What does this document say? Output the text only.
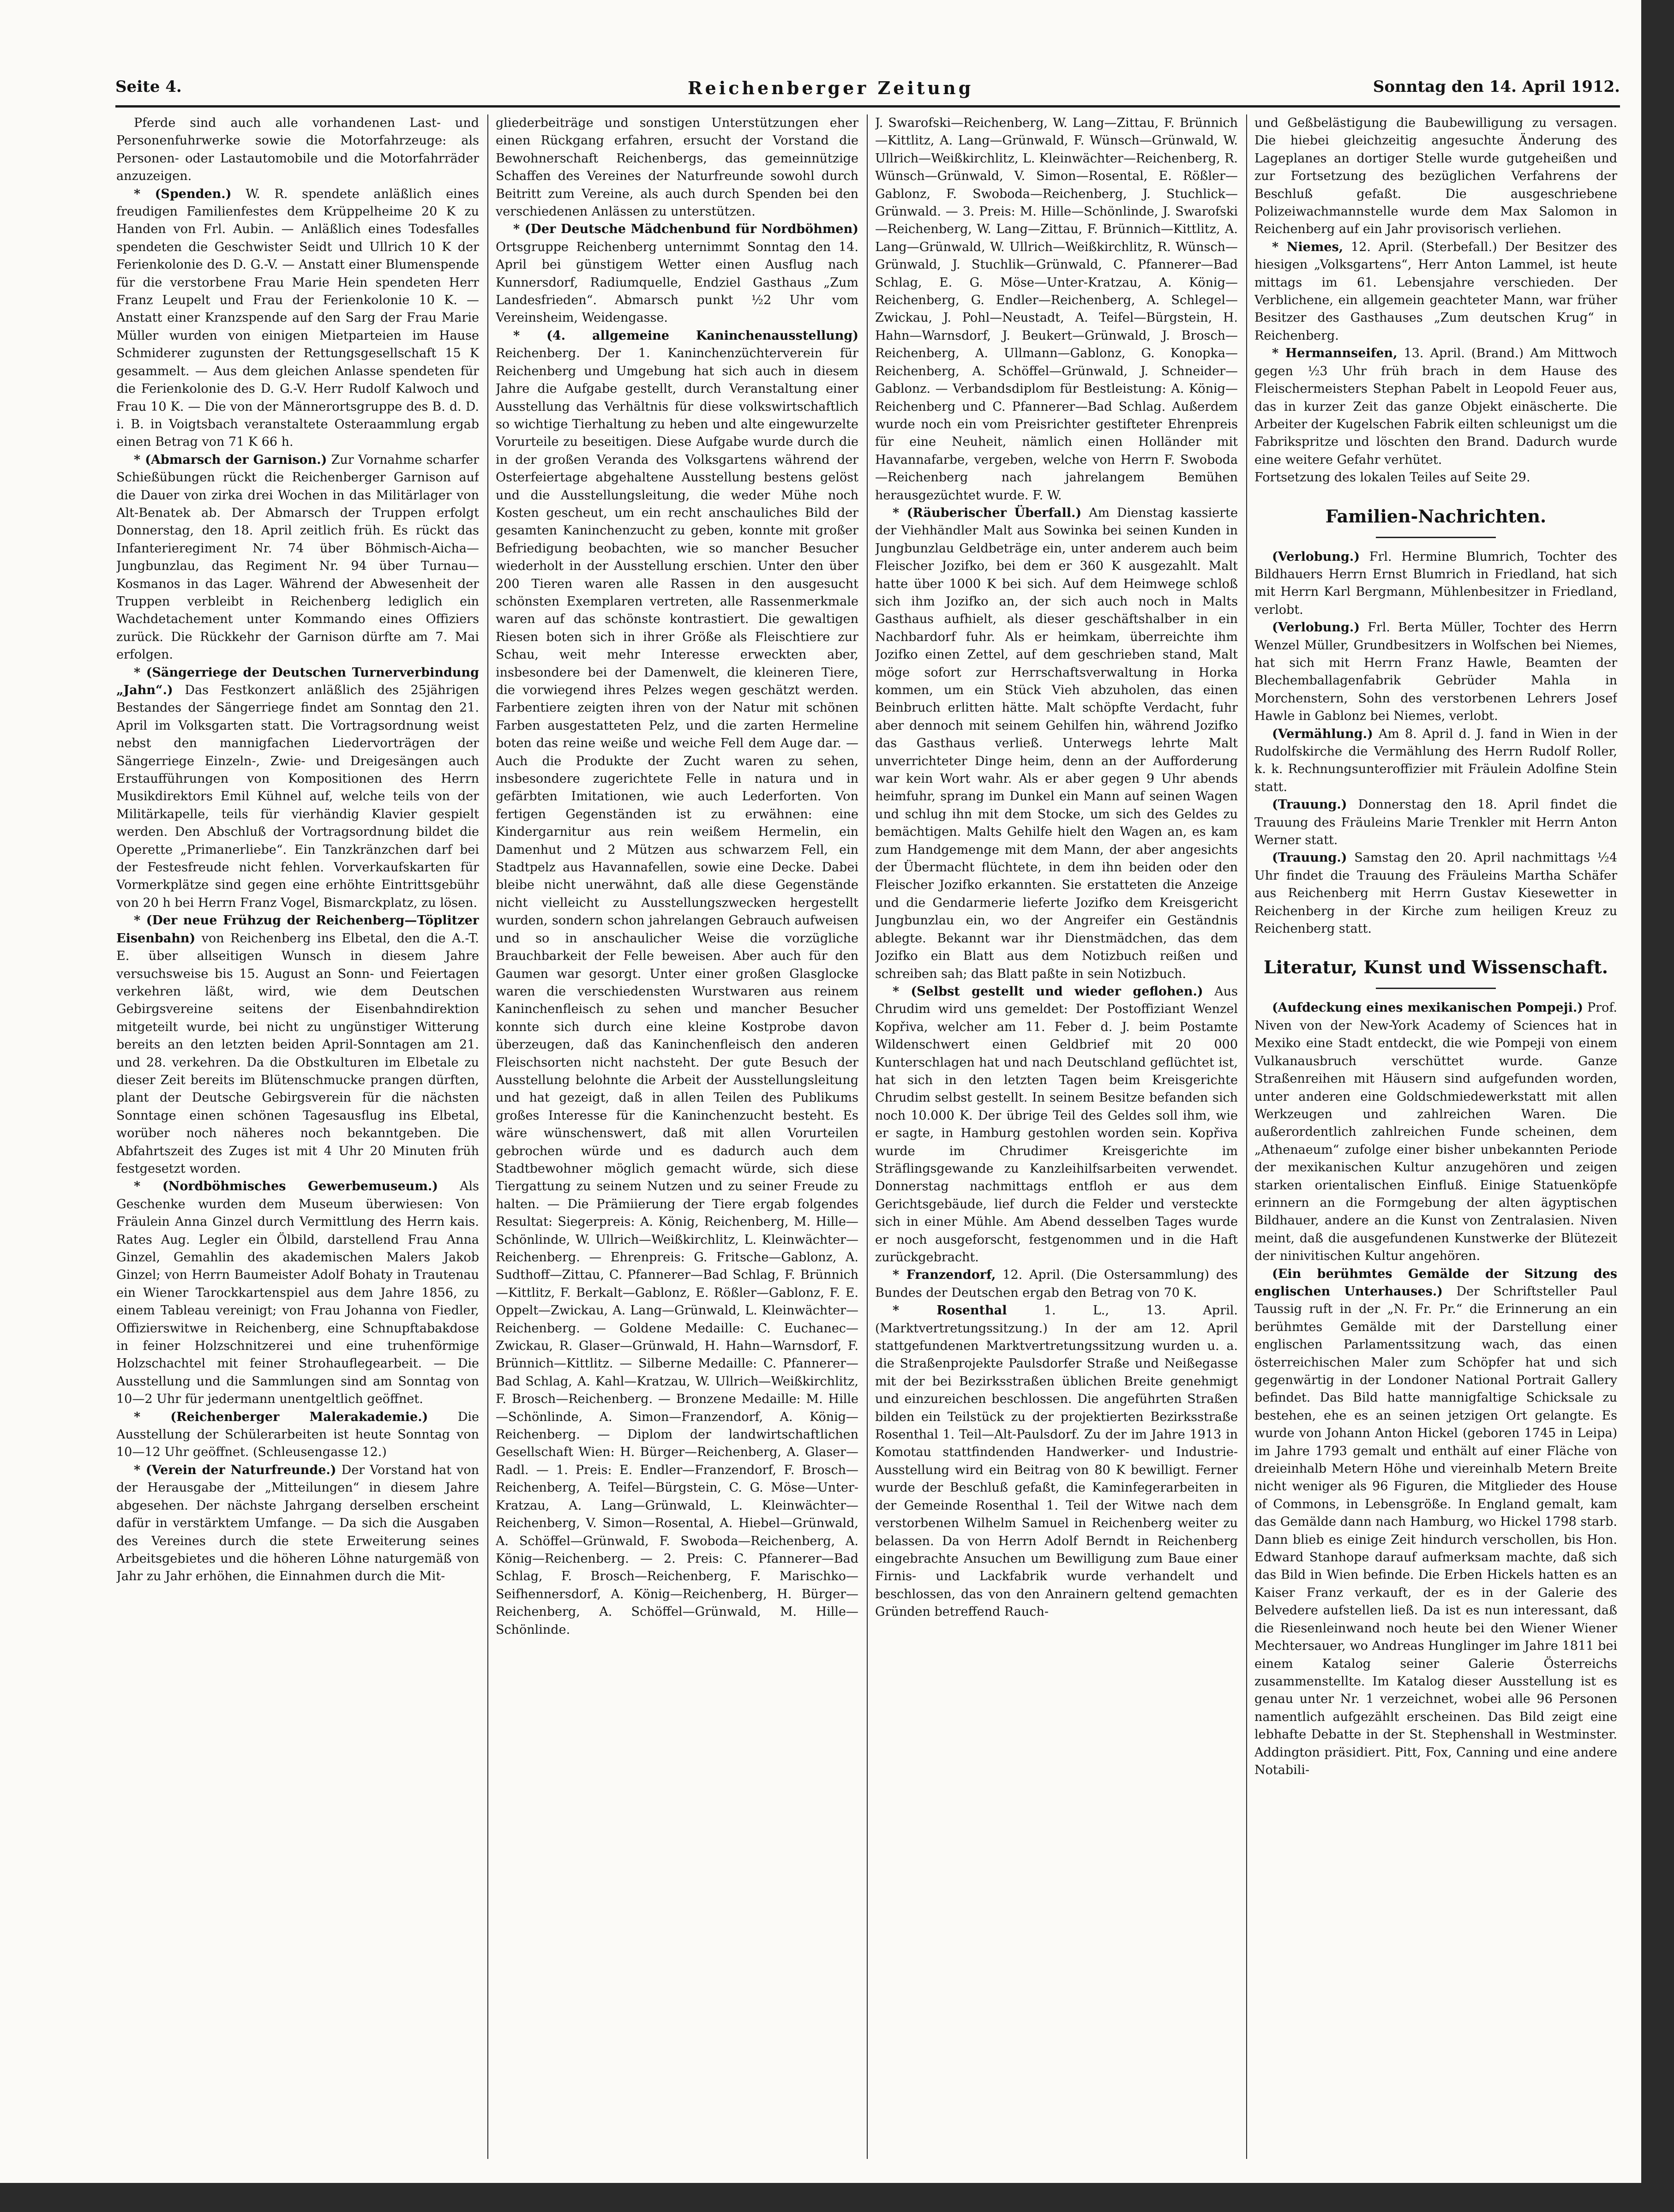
Seite 4.	Reichenberger Zeitung	Sonntag den 14. April 1912.

Pferde sind auch alle vorhandenen Last- und Personenfuhrwerke sowie die Motorfahrzeuge: als Personen- oder Lastautomobile und die Motorfahrräder anzuzeigen.

* (Spenden.) W. R. spendete anläßlich eines freudigen Familienfestes dem Krüppelheime 20 K zu Handen von Frl. Aubin. — Anläßlich eines Todesfalles spendeten die Geschwister Seidt und Ullrich 10 K der Ferienkolonie des D. G.-V. — Anstatt einer Blumenspende für die verstorbene Frau Marie Hein spendeten Herr Franz Leupelt und Frau der Ferienkolonie 10 K. — Anstatt einer Kranzspende auf den Sarg der Frau Marie Müller wurden von einigen Mietparteien im Hause Schmiderer zugunsten der Rettungsgesellschaft 15 K gesammelt. — Aus dem gleichen Anlasse spendeten für die Ferienkolonie des D. G.-V. Herr Rudolf Kalwoch und Frau 10 K. — Die von der Männerortsgruppe des B. d. D. i. B. in Voigtsbach veranstaltete Osteraammlung ergab einen Betrag von 71 K 66 h.

* (Abmarsch der Garnison.) Zur Vornahme scharfer Schießübungen rückt die Reichenberger Garnison auf die Dauer von zirka drei Wochen in das Militärlager von Alt-Benatek ab. Der Abmarsch der Truppen erfolgt Donnerstag, den 18. April zeitlich früh. Es rückt das Infanterieregiment Nr. 74 über Böhmisch-Aicha—Jungbunzlau, das Regiment Nr. 94 über Turnau—Kosmanos in das Lager. Während der Abwesenheit der Truppen verbleibt in Reichenberg lediglich ein Wachdetachement unter Kommando eines Offiziers zurück. Die Rückkehr der Garnison dürfte am 7. Mai erfolgen.

* (Sängerriege der Deutschen Turnerverbindung „Jahn“.) Das Festkonzert anläßlich des 25jährigen Bestandes der Sängerriege findet am Sonntag den 21. April im Volksgarten statt. Die Vortragsordnung weist nebst den mannigfachen Liedervorträgen der Sängerriege Einzeln-, Zwie- und Dreigesängen auch Erstaufführungen von Kompositionen des Herrn Musikdirektors Emil Kühnel auf, welche teils von der Militärkapelle, teils für vierhändig Klavier gespielt werden. Den Abschluß der Vortragsordnung bildet die Operette „Primanerliebe“. Ein Tanzkränzchen darf bei der Festesfreude nicht fehlen. Vorverkaufskarten für Vormerkplätze sind gegen eine erhöhte Eintrittsgebühr von 20 h bei Herrn Franz Vogel, Bismarckplatz, zu lösen.

* (Der neue Frühzug der Reichenberg—Töplitzer Eisenbahn) von Reichenberg ins Elbetal, den die A.-T. E. über allseitigen Wunsch in diesem Jahre versuchsweise bis 15. August an Sonn- und Feiertagen verkehren läßt, wird, wie dem Deutschen Gebirgsvereine seitens der Eisenbahndirektion mitgeteilt wurde, bei nicht zu ungünstiger Witterung bereits an den letzten beiden April-Sonntagen am 21. und 28. verkehren. Da die Obstkulturen im Elbetale zu dieser Zeit bereits im Blütenschmucke prangen dürften, plant der Deutsche Gebirgsverein für die nächsten Sonntage einen schönen Tagesausflug ins Elbetal, worüber noch näheres noch bekanntgeben. Die Abfahrtszeit des Zuges ist mit 4 Uhr 20 Minuten früh festgesetzt worden.

* (Nordböhmisches Gewerbemuseum.) Als Geschenke wurden dem Museum überwiesen: Von Fräulein Anna Ginzel durch Vermittlung des Herrn kais. Rates Aug. Legler ein Ölbild, darstellend Frau Anna Ginzel, Gemahlin des akademischen Malers Jakob Ginzel; von Herrn Baumeister Adolf Bohaty in Trautenau ein Wiener Tarockkartenspiel aus dem Jahre 1856, zu einem Tableau vereinigt; von Frau Johanna von Fiedler, Offizierswitwe in Reichenberg, eine Schnupftabakdose in feiner Holzschnitzerei und eine truhenförmige Holzschachtel mit feiner Strohauflegearbeit. — Die Ausstellung und die Sammlungen sind am Sonntag von 10—2 Uhr für jedermann unentgeltlich geöffnet.

* (Reichenberger Malerakademie.) Die Ausstellung der Schülerarbeiten ist heute Sonntag von 10—12 Uhr geöffnet. (Schleusengasse 12.)

* (Verein der Naturfreunde.) Der Vorstand hat von der Herausgabe der „Mitteilungen“ in diesem Jahre abgesehen. Der nächste Jahrgang derselben erscheint dafür in verstärktem Umfange. — Da sich die Ausgaben des Vereines durch die stete Erweiterung seines Arbeitsgebietes und die höheren Löhne naturgemäß von Jahr zu Jahr erhöhen, die Einnahmen durch die Mit-

gliederbeiträge und sonstigen Unterstützungen eher einen Rückgang erfahren, ersucht der Vorstand die Bewohnerschaft Reichenbergs, das gemeinnützige Schaffen des Vereines der Naturfreunde sowohl durch Beitritt zum Vereine, als auch durch Spenden bei den verschiedenen Anlässen zu unterstützen.

* (Der Deutsche Mädchenbund für Nordböhmen) Ortsgruppe Reichenberg unternimmt Sonntag den 14. April bei günstigem Wetter einen Ausflug nach Kunnersdorf, Radiumquelle, Endziel Gasthaus „Zum Landesfrieden“. Abmarsch punkt ½2 Uhr vom Vereinsheim, Weidengasse.

* (4. allgemeine Kaninchenausstellung) Reichenberg. Der 1. Kaninchenzüchterverein für Reichenberg und Umgebung hat sich auch in diesem Jahre die Aufgabe gestellt, durch Veranstaltung einer Ausstellung das Verhältnis für diese volkswirtschaftlich so wichtige Tierhaltung zu heben und alte eingewurzelte Vorurteile zu beseitigen. Diese Aufgabe wurde durch die in der großen Veranda des Volksgartens während der Osterfeiertage abgehaltene Ausstellung bestens gelöst und die Ausstellungsleitung, die weder Mühe noch Kosten gescheut, um ein recht anschauliches Bild der gesamten Kaninchenzucht zu geben, konnte mit großer Befriedigung beobachten, wie so mancher Besucher wiederholt in der Ausstellung erschien. Unter den über 200 Tieren waren alle Rassen in den ausgesucht schönsten Exemplaren vertreten, alle Rassenmerkmale waren auf das schönste kontrastiert. Die gewaltigen Riesen boten sich in ihrer Größe als Fleischtiere zur Schau, weit mehr Interesse erweckten aber, insbesondere bei der Damenwelt, die kleineren Tiere, die vorwiegend ihres Pelzes wegen geschätzt werden. Farbentiere zeigten ihren von der Natur mit schönen Farben ausgestatteten Pelz, und die zarten Hermeline boten das reine weiße und weiche Fell dem Auge dar. — Auch die Produkte der Zucht waren zu sehen, insbesondere zugerichtete Felle in natura und in gefärbten Imitationen, wie auch Lederforten. Von fertigen Gegenständen ist zu erwähnen: eine Kindergarnitur aus rein weißem Hermelin, ein Damenhut und 2 Mützen aus schwarzem Fell, ein Stadtpelz aus Havannafellen, sowie eine Decke. Dabei bleibe nicht unerwähnt, daß alle diese Gegenstände nicht vielleicht zu Ausstellungszwecken hergestellt wurden, sondern schon jahrelangen Gebrauch aufweisen und so in anschaulicher Weise die vorzügliche Brauchbarkeit der Felle beweisen. Aber auch für den Gaumen war gesorgt. Unter einer großen Glasglocke waren die verschiedensten Wurstwaren aus reinem Kaninchenfleisch zu sehen und mancher Besucher konnte sich durch eine kleine Kostprobe davon überzeugen, daß das Kaninchenfleisch den anderen Fleischsorten nicht nachsteht. Der gute Besuch der Ausstellung belohnte die Arbeit der Ausstellungsleitung und hat gezeigt, daß in allen Teilen des Publikums großes Interesse für die Kaninchenzucht besteht. Es wäre wünschenswert, daß mit allen Vorurteilen gebrochen würde und es dadurch auch dem Stadtbewohner möglich gemacht würde, sich diese Tiergattung zu seinem Nutzen und zu seiner Freude zu halten. — Die Prämiierung der Tiere ergab folgendes Resultat: Siegerpreis: A. König, Reichenberg, M. Hille—Schönlinde, W. Ullrich—Weißkirchlitz, L. Kleinwächter—Reichenberg. — Ehrenpreis: G. Fritsche—Gablonz, A. Sudthoff—Zittau, C. Pfannerer—Bad Schlag, F. Brünnich—Kittlitz, F. Berkalt—Gablonz, E. Rößler—Gablonz, F. E. Oppelt—Zwickau, A. Lang—Grünwald, L. Kleinwächter—Reichenberg. — Goldene Medaille: C. Euchanec—Zwickau, R. Glaser—Grünwald, H. Hahn—Warnsdorf, F. Brünnich—Kittlitz. — Silberne Medaille: C. Pfannerer—Bad Schlag, A. Kahl—Kratzau, W. Ullrich—Weißkirchlitz, F. Brosch—Reichenberg. — Bronzene Medaille: M. Hille—Schönlinde, A. Simon—Franzendorf, A. König—Reichenberg. — Diplom der landwirtschaftlichen Gesellschaft Wien: H. Bürger—Reichenberg, A. Glaser—Radl. — 1. Preis: E. Endler—Franzendorf, F. Brosch—Reichenberg, A. Teifel—Bürgstein, C. G. Möse—Unter-Kratzau, A. Lang—Grünwald, L. Kleinwächter—Reichenberg, V. Simon—Rosental, A. Hiebel—Grünwald, A. Schöffel—Grünwald, F. Swoboda—Reichenberg, A. König—Reichenberg. — 2. Preis: C. Pfannerer—Bad Schlag, F. Brosch—Reichenberg, F. Marischko—Seifhennersdorf, A. König—Reichenberg, H. Bürger—Reichenberg, A. Schöffel—Grünwald, M. Hille—Schönlinde.

J. Swarofski—Reichenberg, W. Lang—Zittau, F. Brünnich—Kittlitz, A. Lang—Grünwald, F. Wünsch—Grünwald, W. Ullrich—Weißkirchlitz, L. Kleinwächter—Reichenberg, R. Wünsch—Grünwald, V. Simon—Rosental, E. Rößler—Gablonz, F. Swoboda—Reichenberg, J. Stuchlick—Grünwald. — 3. Preis: M. Hille—Schönlinde, J. Swarofski—Reichenberg, W. Lang—Zittau, F. Brünnich—Kittlitz, A. Lang—Grünwald, W. Ullrich—Weißkirchlitz, R. Wünsch—Grünwald, J. Stuchlik—Grünwald, C. Pfannerer—Bad Schlag, E. G. Möse—Unter-Kratzau, A. König—Reichenberg, G. Endler—Reichenberg, A. Schlegel—Zwickau, J. Pohl—Neustadt, A. Teifel—Bürgstein, H. Hahn—Warnsdorf, J. Beukert—Grünwald, J. Brosch—Reichenberg, A. Ullmann—Gablonz, G. Konopka—Reichenberg, A. Schöffel—Grünwald, J. Schneider—Gablonz. — Verbandsdiplom für Bestleistung: A. König—Reichenberg und C. Pfannerer—Bad Schlag. Außerdem wurde noch ein vom Preisrichter gestifteter Ehrenpreis für eine Neuheit, nämlich einen Holländer mit Havannafarbe, vergeben, welche von Herrn F. Swoboda—Reichenberg nach jahrelangem Bemühen herausgezüchtet wurde. F. W.

* (Räuberischer Überfall.) Am Dienstag kassierte der Viehhändler Malt aus Sowinka bei seinen Kunden in Jungbunzlau Geldbeträge ein, unter anderem auch beim Fleischer Jozifko, bei dem er 360 K ausgezahlt. Malt hatte über 1000 K bei sich. Auf dem Heimwege schloß sich ihm Jozifko an, der sich auch noch in Malts Gasthaus aufhielt, als dieser geschäftshalber in ein Nachbardorf fuhr. Als er heimkam, überreichte ihm Jozifko einen Zettel, auf dem geschrieben stand, Malt möge sofort zur Herrschaftsverwaltung in Horka kommen, um ein Stück Vieh abzuholen, das einen Beinbruch erlitten hätte. Malt schöpfte Verdacht, fuhr aber dennoch mit seinem Gehilfen hin, während Jozifko das Gasthaus verließ. Unterwegs lehrte Malt unverrichteter Dinge heim, denn an der Aufforderung war kein Wort wahr. Als er aber gegen 9 Uhr abends heimfuhr, sprang im Dunkel ein Mann auf seinen Wagen und schlug ihn mit dem Stocke, um sich des Geldes zu bemächtigen. Malts Gehilfe hielt den Wagen an, es kam zum Handgemenge mit dem Mann, der aber angesichts der Übermacht flüchtete, in dem ihn beiden oder den Fleischer Jozifko erkannten. Sie erstatteten die Anzeige und die Gendarmerie lieferte Jozifko dem Kreisgericht Jungbunzlau ein, wo der Angreifer ein Geständnis ablegte. Bekannt war ihr Dienstmädchen, das dem Jozifko ein Blatt aus dem Notizbuch reißen und schreiben sah; das Blatt paßte in sein Notizbuch.

* (Selbst gestellt und wieder geflohen.) Aus Chrudim wird uns gemeldet: Der Postoffiziant Wenzel Kopřiva, welcher am 11. Feber d. J. beim Postamte Wildenschwert einen Geldbrief mit 20 000 Kunterschlagen hat und nach Deutschland geflüchtet ist, hat sich in den letzten Tagen beim Kreisgerichte Chrudim selbst gestellt. In seinem Besitze befanden sich noch 10.000 K. Der übrige Teil des Geldes soll ihm, wie er sagte, in Hamburg gestohlen worden sein. Kopřiva wurde im Chrudimer Kreisgerichte im Sträflingsgewande zu Kanzleihilfsarbeiten verwendet. Donnerstag nachmittags entfloh er aus dem Gerichtsgebäude, lief durch die Felder und versteckte sich in einer Mühle. Am Abend desselben Tages wurde er noch ausgeforscht, festgenommen und in die Haft zurückgebracht.

* Franzendorf, 12. April. (Die Ostersammlung) des Bundes der Deutschen ergab den Betrag von 70 K.

* Rosenthal	1. L., 13. April. (Marktvertretungssitzung.) In der am 12. April stattgefundenen Marktvertretungssitzung wurden u. a. die Straßenprojekte Paulsdorfer Straße und Neißegasse mit der bei Bezirksstraßen üblichen Breite genehmigt und einzureichen beschlossen. Die angeführten Straßen bilden ein Teilstück zu der projektierten Bezirksstraße Rosenthal 1. Teil—Alt-Paulsdorf. Zu der im Jahre 1913 in Komotau stattfindenden Handwerker- und Industrie-Ausstellung wird ein Beitrag von 80 K bewilligt. Ferner wurde der Beschluß gefaßt, die Kaminfegerarbeiten in der Gemeinde Rosenthal 1. Teil der Witwe nach dem verstorbenen Wilhelm Samuel in Reichenberg weiter zu belassen. Da von Herrn Adolf Berndt in Reichenberg eingebrachte Ansuchen um Bewilligung zum Baue einer Firnis- und Lackfabrik wurde verhandelt und beschlossen, das von den Anrainern geltend gemachten Gründen betreffend Rauch-

und Geßbelästigung die Baubewilligung zu versagen. Die hiebei gleichzeitig angesuchte Änderung des Lageplanes an dortiger Stelle wurde gutgeheißen und zur Fortsetzung des bezüglichen Verfahrens der Beschluß gefaßt. Die ausgeschriebene Polizeiwachmannstelle wurde dem Max Salomon in Reichenberg auf ein Jahr provisorisch verliehen.

* Niemes, 12. April. (Sterbefall.) Der Besitzer des hiesigen „Volksgartens“, Herr Anton Lammel, ist heute mittags im 61. Lebensjahre verschieden. Der Verblichene, ein allgemein geachteter Mann, war früher Besitzer des Gasthauses „Zum deutschen Krug“ in Reichenberg.

* Hermannseifen, 13. April. (Brand.) Am Mittwoch gegen ½3 Uhr früh brach in dem Hause des Fleischermeisters Stephan Pabelt in Leopold Feuer aus, das in kurzer Zeit das ganze Objekt einäscherte. Die Arbeiter der Kugelschen Fabrik eilten schleunigst um die Fabrikspritze und löschten den Brand. Dadurch wurde eine weitere Gefahr verhütet.

Fortsetzung des lokalen Teiles auf Seite 29.

Familien-Nachrichten.

(Verlobung.) Frl. Hermine Blumrich, Tochter des Bildhauers Herrn Ernst Blumrich in Friedland, hat sich mit Herrn Karl Bergmann, Mühlenbesitzer in Friedland, verlobt.

(Verlobung.) Frl. Berta Müller, Tochter des Herrn Wenzel Müller, Grundbesitzers in Wolfschen bei Niemes, hat sich mit Herrn Franz Hawle, Beamten der Blechemballagenfabrik Gebrüder Mahla in Morchenstern, Sohn des verstorbenen Lehrers Josef Hawle in Gablonz bei Niemes, verlobt.

(Vermählung.) Am 8. April d. J. fand in Wien in der Rudolfskirche die Vermählung des Herrn Rudolf Roller, k. k. Rechnungsunteroffizier mit Fräulein Adolfine Stein statt.

(Trauung.) Donnerstag den 18. April findet die Trauung des Fräuleins Marie Trenkler mit Herrn Anton Werner statt.

(Trauung.) Samstag den 20. April nachmittags ½4 Uhr findet die Trauung des Fräuleins Martha Schäfer aus Reichenberg mit Herrn Gustav Kiesewetter in Reichenberg in der Kirche zum heiligen Kreuz zu Reichenberg statt.

Literatur, Kunst und Wissenschaft.

(Aufdeckung eines mexikanischen Pompeji.) Prof. Niven von der New-York Academy of Sciences hat in Mexiko eine Stadt entdeckt, die wie Pompeji von einem Vulkanausbruch verschüttet wurde. Ganze Straßenreihen mit Häusern sind aufgefunden worden, unter anderen eine Goldschmiedewerkstatt mit allen Werkzeugen und zahlreichen Waren. Die außerordentlich zahlreichen Funde scheinen, dem „Athenaeum“ zufolge einer bisher unbekannten Periode der mexikanischen Kultur anzugehören und zeigen starken orientalischen Einfluß. Einige Statuenköpfe erinnern an die Formgebung der alten ägyptischen Bildhauer, andere an die Kunst von Zentralasien. Niven meint, daß die ausgefundenen Kunstwerke der Blütezeit der ninivitischen Kultur angehören.

(Ein berühmtes Gemälde der Sitzung des englischen Unterhauses.) Der Schriftsteller Paul Taussig ruft in der „N. Fr. Pr.“ die Erinnerung an ein berühmtes Gemälde mit der Darstellung einer englischen Parlamentssitzung wach, das einen österreichischen Maler zum Schöpfer hat und sich gegenwärtig in der Londoner National Portrait Gallery befindet. Das Bild hatte mannigfaltige Schicksale zu bestehen, ehe es an seinen jetzigen Ort gelangte. Es wurde von Johann Anton Hickel (geboren 1745 in Leipa) im Jahre 1793 gemalt und enthält auf einer Fläche von dreieinhalb Metern Höhe und viereinhalb Metern Breite nicht weniger als 96 Figuren, die Mitglieder des House of Commons, in Lebensgröße. In England gemalt, kam das Gemälde dann nach Hamburg, wo Hickel 1798 starb. Dann blieb es einige Zeit hindurch verschollen, bis Hon. Edward Stanhope darauf aufmerksam machte, daß sich das Bild in Wien befinde. Die Erben Hickels hatten es an Kaiser Franz verkauft, der es in der Galerie des Belvedere aufstellen ließ. Da ist es nun interessant, daß die Riesenleinwand noch heute bei den Wiener Wiener Mechtersauer, wo Andreas Hunglinger im Jahre 1811 bei einem Katalog seiner Galerie Österreichs zusammenstellte. Im Katalog dieser Ausstellung ist es genau unter Nr. 1 verzeichnet, wobei alle 96 Personen namentlich aufgezählt erscheinen. Das Bild zeigt eine lebhafte Debatte in der St. Stephenshall in Westminster. Addington präsidiert. Pitt, Fox, Canning und eine andere Notabili-
